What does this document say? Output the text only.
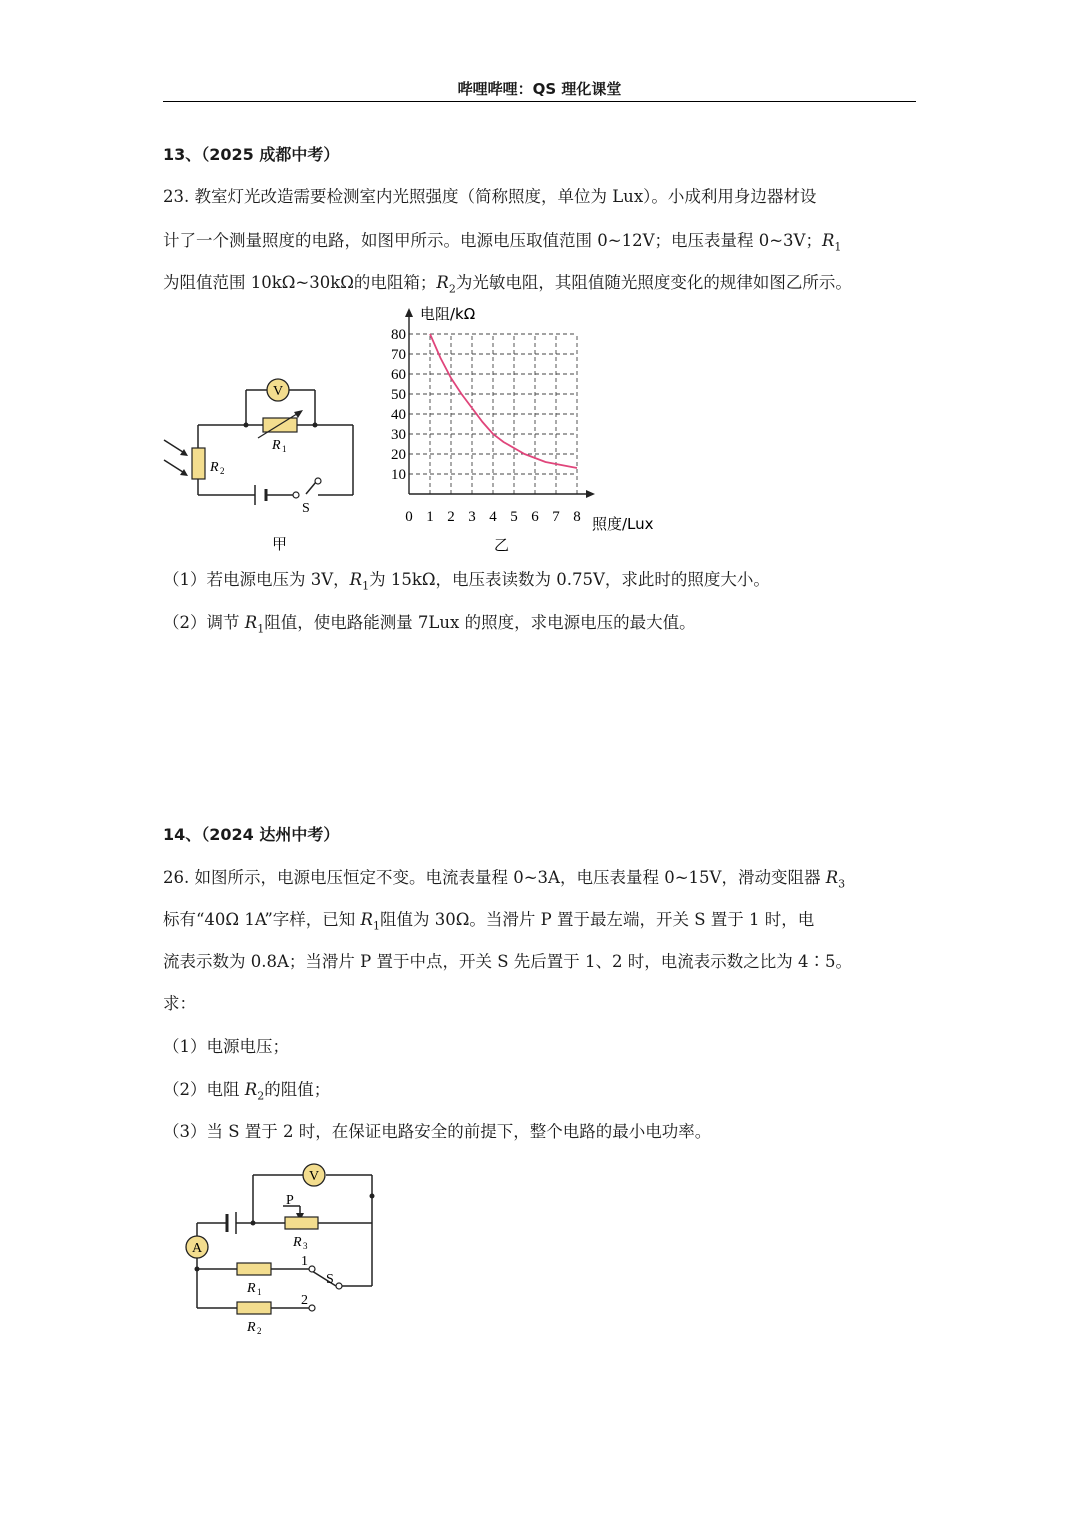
哔哩哔哩：QS 理化课堂
13、（2025 成都中考）
23. 教室灯光改造需要检测室内光照强度（简称照度，单位为 Lux）。小成利用身边器材设
计了一个测量照度的电路，如图甲所示。电源电压取值范围 0~12V；电压表量程 0~3V；$R_1$
为阻值范围 10kΩ~30kΩ的电阻箱；$R_2$为光敏电阻，其阻值随光照度变化的规律如图乙所示。
V
R 1
R 2
S
甲
0 1 2 3 4 5 6 7 8
10
20
30
40
50
60
70
80
电阻/kΩ
照度/Lux
乙
（1）若电源电压为 3V，$R_1$为 15kΩ，电压表读数为 0.75V，求此时的照度大小。
（2）调节 $R_1$阻值，使电路能测量 7Lux 的照度，求电源电压的最大值。
14、（2024 达州中考）
26. 如图所示，电源电压恒定不变。电流表量程 0~3A，电压表量程 0~15V，滑动变阻器 $R_3$
标有“40Ω 1A”字样，已知 $R_1$阻值为 30Ω。当滑片 P 置于最左端，开关 S 置于 1 时，电
流表示数为 0.8A；当滑片 P 置于中点，开关 S 先后置于 1、2 时，电流表示数之比为 4∶5。
求：
（1）电源电压；
（2）电阻 $R_2$的阻值；
（3）当 S 置于 2 时，在保证电路安全的前提下，整个电路的最小电功率。
V
A
P
R 3
R 1
R 2
1
2
S
